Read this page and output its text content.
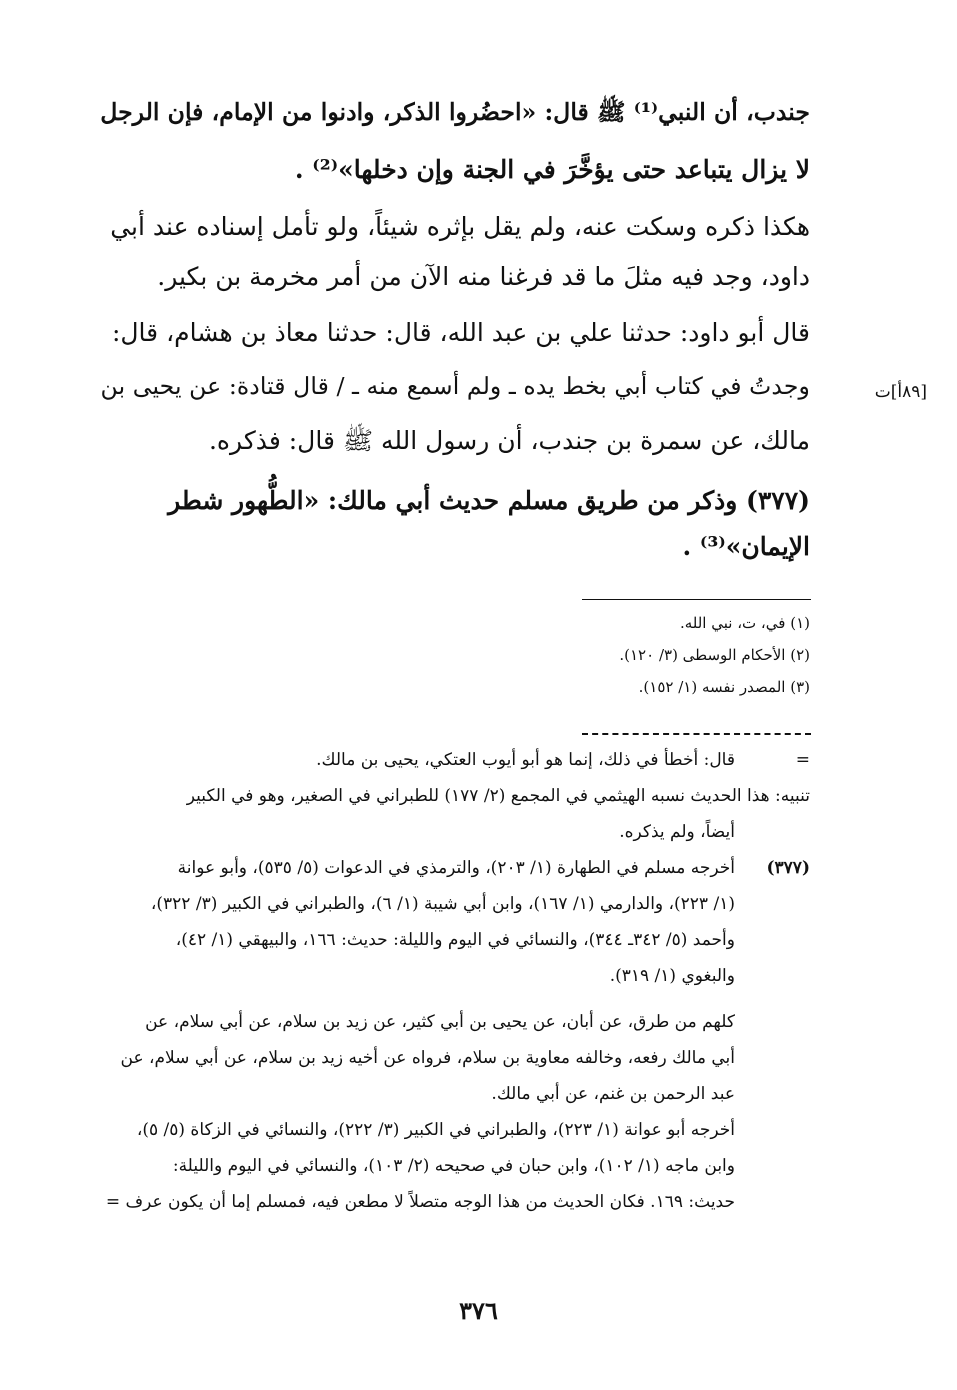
جندب، أن النبي⁽¹⁾ ﷺ قال: «احضُروا الذكر، وادنوا من الإمام، فإن الرجل
لا يزال يتباعد حتى يؤخَّرَ في الجنة وإن دخلها»⁽²⁾ .
هكذا ذكره وسكت عنه، ولم يقل بإثره شيئاً، ولو تأمل إسناده عند أبي
داود، وجد فيه مثلَ ما قد فرغنا منه الآن من أمر مخرمة بن بكير.
قال أبو داود: حدثنا علي بن عبد الله، قال: حدثنا معاذ بن هشام، قال:
وجدتُ في كتاب أبي بخط يده ـ ولم أسمع منه ـ / قال قتادة: عن يحيى بن	[٨٩أ]ت
مالك، عن سمرة بن جندب، أن رسول الله ﷺ قال: فذكره.
(٣٧٧) وذكر من طريق مسلم حديث أبي مالك: «الطُّهور شطر
الإيمان»⁽³⁾ .
(١) في، ت، نبي الله.
(٢) الأحكام الوسطى (٣/ ١٢٠).
(٣) المصدر نفسه (١/ ١٥٢).
=
قال: أخطأ في ذلك، إنما هو أبو أيوب العتكي، يحيى بن مالك.
تنبيه: هذا الحديث نسبه الهيثمي في المجمع (٢/ ١٧٧) للطبراني في الصغير، وهو في الكبير
أيضاً، ولم يذكره.
(٣٧٧)
أخرجه مسلم في الطهارة (١/ ٢٠٣)، والترمذي في الدعوات (٥/ ٥٣٥)، وأبو عوانة
(١/ ٢٢٣)، والدارمي (١/ ١٦٧)، وابن أبي شيبة (١/ ٦)، والطبراني في الكبير (٣/ ٣٢٢)،
وأحمد (٥/ ٣٤٢ـ ٣٤٤)، والنسائي في اليوم والليلة: حديث: ١٦٦، والبيهقي (١/ ٤٢)،
والبغوي (١/ ٣١٩).
كلهم من طرق، عن أبان، عن يحيى بن أبي كثير، عن زيد بن سلام، عن أبي سلام، عن
أبي مالك رفعه، وخالفه معاوية بن سلام، فرواه عن أخيه زيد بن سلام، عن أبي سلام، عن
عبد الرحمن بن غنم، عن أبي مالك.
أخرجه أبو عوانة (١/ ٢٢٣)، والطبراني في الكبير (٣/ ٢٢٢)، والنسائي في الزكاة (٥/ ٥)،
وابن ماجه (١/ ١٠٢)، وابن حبان في صحيحه (٢/ ١٠٣)، والنسائي في اليوم والليلة:
حديث: ١٦٩. فكان الحديث من هذا الوجه متصلاً لا مطعن فيه، فمسلم إما أن يكون عرف =
٣٧٦
